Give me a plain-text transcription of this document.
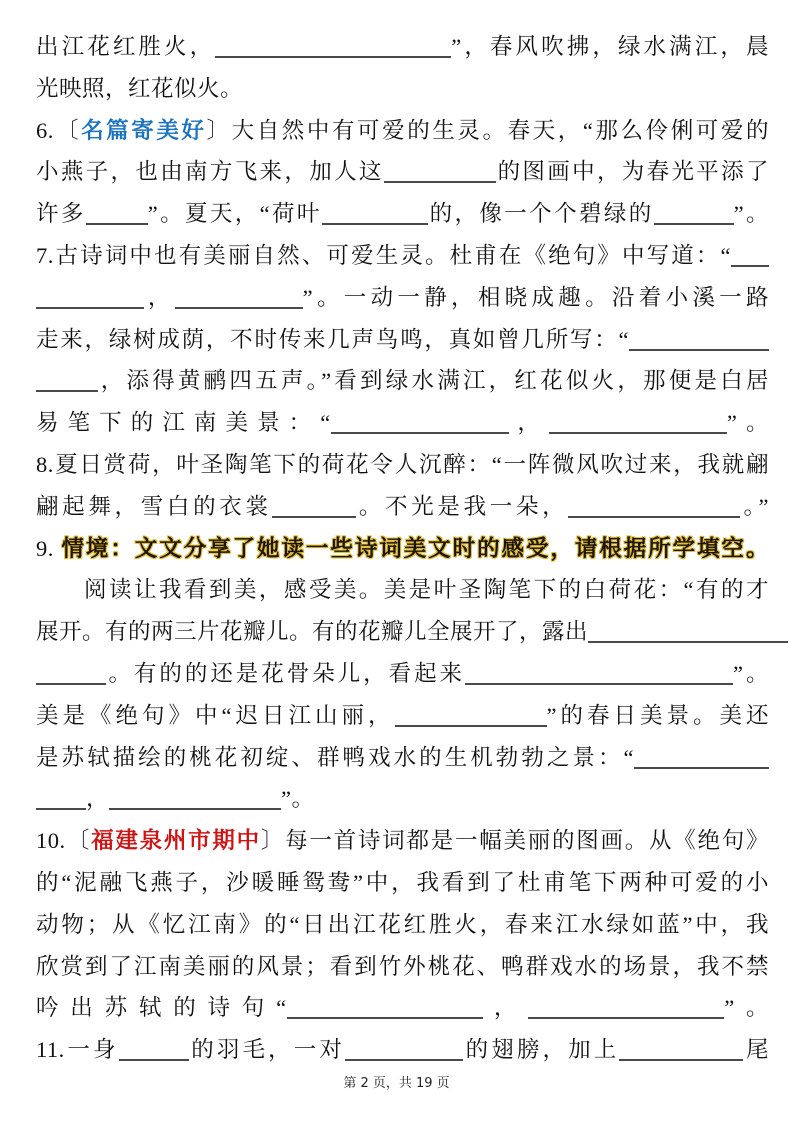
出江花红胜火，	”，春风吹拂，绿水满江，晨
光映照，红花似火。
6.〔名篇寄美好〕大自然中有可爱的生灵。春天，“那么伶俐可爱的
小燕子，也由南方飞来，加人这	的图画中，为春光平添了
许多	”。夏天，“荷叶	的，像一个个碧绿的	”。
7.古诗词中也有美丽自然、可爱生灵。杜甫在《绝句》中写道：“
，	”。一动一静，相晓成趣。沿着小溪一路
走来，绿树成荫，不时传来几声鸟鸣，真如曾几所写：“
，添得黄鹂四五声。”看到绿水满江，红花似火，那便是白居
易笔下的江南美景：“	，	”。
8.夏日赏荷，叶圣陶笔下的荷花令人沉醉：“一阵微风吹过来，我就翩
翩起舞，雪白的衣裳	。不光是我一朵，	。”
9. 情境：文文分享了她读一些诗词美文时的感受，请根据所学填空。
阅读让我看到美，感受美。美是叶圣陶笔下的白荷花：“有的才
展开。有的两三片花瓣儿。有的花瓣儿全展开了，露出
。有的的还是花骨朵儿，看起来	”。
美是《绝句》中“迟日江山丽，	”的春日美景。美还
是苏轼描绘的桃花初绽、群鸭戏水的生机勃勃之景：“
，	”。
10.〔福建泉州市期中〕每一首诗词都是一幅美丽的图画。从《绝句》
的“泥融飞燕子，沙暖睡鸳鸯”中，我看到了杜甫笔下两种可爱的小
动物；从《忆江南》的“日出江花红胜火，春来江水绿如蓝”中，我
欣赏到了江南美丽的风景；看到竹外桃花、鸭群戏水的场景，我不禁
吟出苏轼的诗句“	，	”。
11.一身	的羽毛，一对	的翅膀，加上	尾
第 2 页，共 19 页
